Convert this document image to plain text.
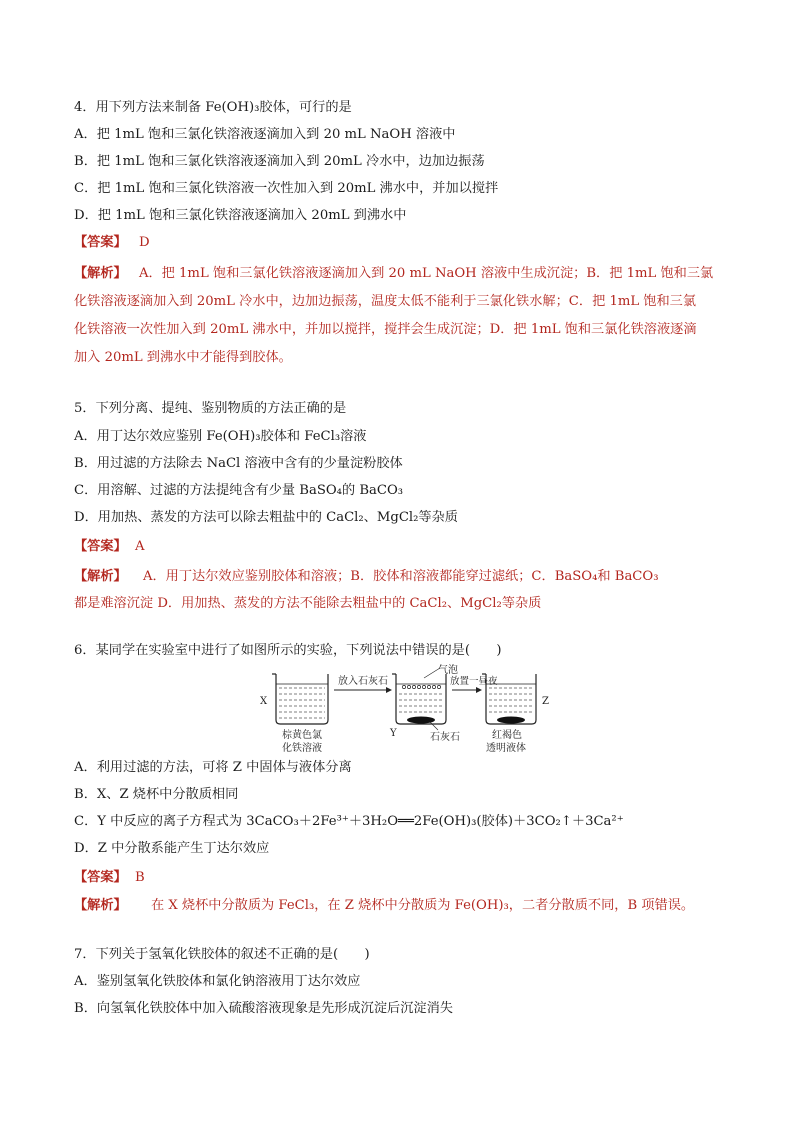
4．用下列方法来制备 Fe(OH)₃胶体，可行的是
A．把 1mL 饱和三氯化铁溶液逐滴加入到 20 mL NaOH 溶液中
B．把 1mL 饱和三氯化铁溶液逐滴加入到 20mL 冷水中，边加边振荡
C．把 1mL 饱和三氯化铁溶液一次性加入到 20mL 沸水中，并加以搅拌
D．把 1mL 饱和三氯化铁溶液逐滴加入 20mL 到沸水中
【答案】 D
【解析】 A．把 1mL 饱和三氯化铁溶液逐滴加入到 20 mL NaOH 溶液中生成沉淀；B．把 1mL 饱和三氯
化铁溶液逐滴加入到 20mL 冷水中，边加边振荡，温度太低不能利于三氯化铁水解；C．把 1mL 饱和三氯
化铁溶液一次性加入到 20mL 沸水中，并加以搅拌，搅拌会生成沉淀；D．把 1mL 饱和三氯化铁溶液逐滴
加入 20mL 到沸水中才能得到胶体。
5．下列分离、提纯、鉴别物质的方法正确的是
A．用丁达尔效应鉴别 Fe(OH)₃胶体和 FeCl₃溶液
B．用过滤的方法除去 NaCl 溶液中含有的少量淀粉胶体
C．用溶解、过滤的方法提纯含有少量 BaSO₄的 BaCO₃
D．用加热、蒸发的方法可以除去粗盐中的 CaCl₂、MgCl₂等杂质
【答案】 A
【解析】 A．用丁达尔效应鉴别胶体和溶液；B．胶体和溶液都能穿过滤纸；C．BaSO₄和 BaCO₃
都是难溶沉淀 D．用加热、蒸发的方法不能除去粗盐中的 CaCl₂、MgCl₂等杂质
6．某同学在实验室中进行了如图所示的实验，下列说法中错误的是(　　)
X
棕黄色氯
化铁溶液
放入石灰石
气泡
Y	石灰石
放置一昼夜
Z
红褐色
透明液体
A．利用过滤的方法，可将 Z 中固体与液体分离
B．X、Z 烧杯中分散质相同
C．Y 中反应的离子方程式为 3CaCO₃＋2Fe³⁺＋3H₂O══2Fe(OH)₃(胶体)＋3CO₂↑＋3Ca²⁺
D．Z 中分散系能产生丁达尔效应
【答案】 B
【解析】 在 X 烧杯中分散质为 FeCl₃，在 Z 烧杯中分散质为 Fe(OH)₃，二者分散质不同，B 项错误。
7．下列关于氢氧化铁胶体的叙述不正确的是(　　)
A．鉴别氢氧化铁胶体和氯化钠溶液用丁达尔效应
B．向氢氧化铁胶体中加入硫酸溶液现象是先形成沉淀后沉淀消失
